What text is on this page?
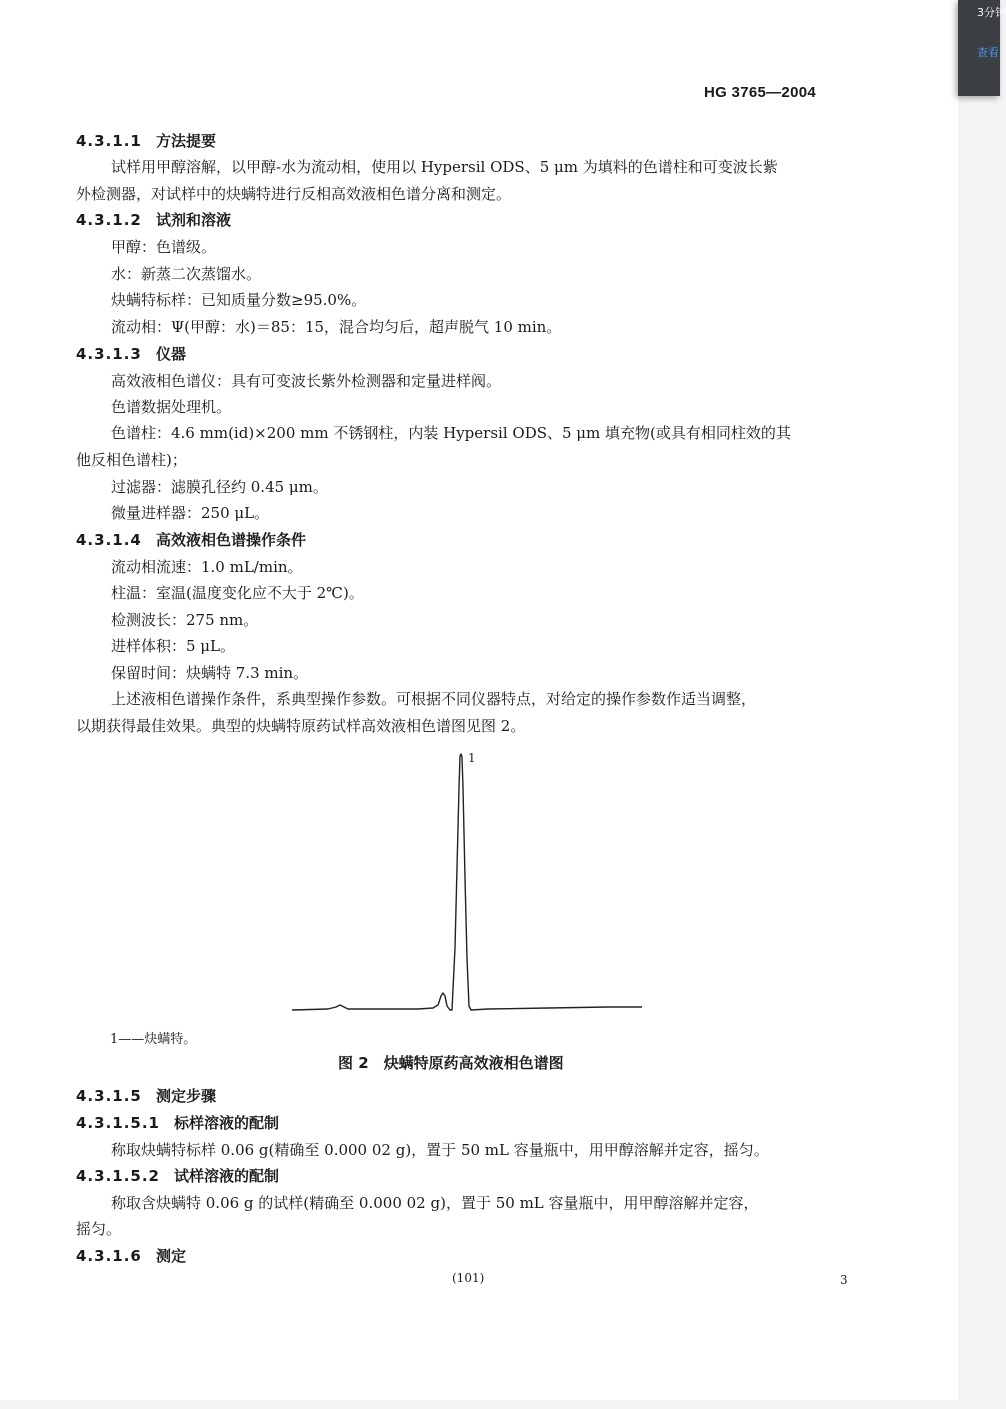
HG 3765—2004
4.3.1.1 方法提要
试样用甲醇溶解，以甲醇-水为流动相，使用以 Hypersil ODS、5 μm 为填料的色谱柱和可变波长紫
外检测器，对试样中的炔螨特进行反相高效液相色谱分离和测定。
4.3.1.2 试剂和溶液
甲醇：色谱级。
水：新蒸二次蒸馏水。
炔螨特标样：已知质量分数≥95.0%。
流动相：Ψ(甲醇：水)＝85：15，混合均匀后，超声脱气 10 min。
4.3.1.3 仪器
高效液相色谱仪：具有可变波长紫外检测器和定量进样阀。
色谱数据处理机。
色谱柱：4.6 mm(id)×200 mm 不锈钢柱，内装 Hypersil ODS、5 μm 填充物(或具有相同柱效的其
他反相色谱柱)；
过滤器：滤膜孔径约 0.45 μm。
微量进样器：250 μL。
4.3.1.4 高效液相色谱操作条件
流动相流速：1.0 mL/min。
柱温：室温(温度变化应不大于 2℃)。
检测波长：275 nm。
进样体积：5 μL。
保留时间：炔螨特 7.3 min。
上述液相色谱操作条件，系典型操作参数。可根据不同仪器特点，对给定的操作参数作适当调整，
以期获得最佳效果。典型的炔螨特原药试样高效液相色谱图见图 2。
1
1——炔螨特。
图 2　炔螨特原药高效液相色谱图
4.3.1.5 测定步骤
4.3.1.5.1 标样溶液的配制
称取炔螨特标样 0.06 g(精确至 0.000 02 g)，置于 50 mL 容量瓶中，用甲醇溶解并定容，摇匀。
4.3.1.5.2 试样溶液的配制
称取含炔螨特 0.06 g 的试样(精确至 0.000 02 g)，置于 50 mL 容量瓶中，用甲醇溶解并定容，
摇匀。
4.3.1.6 测定
(101)	3
3分钟
查看
